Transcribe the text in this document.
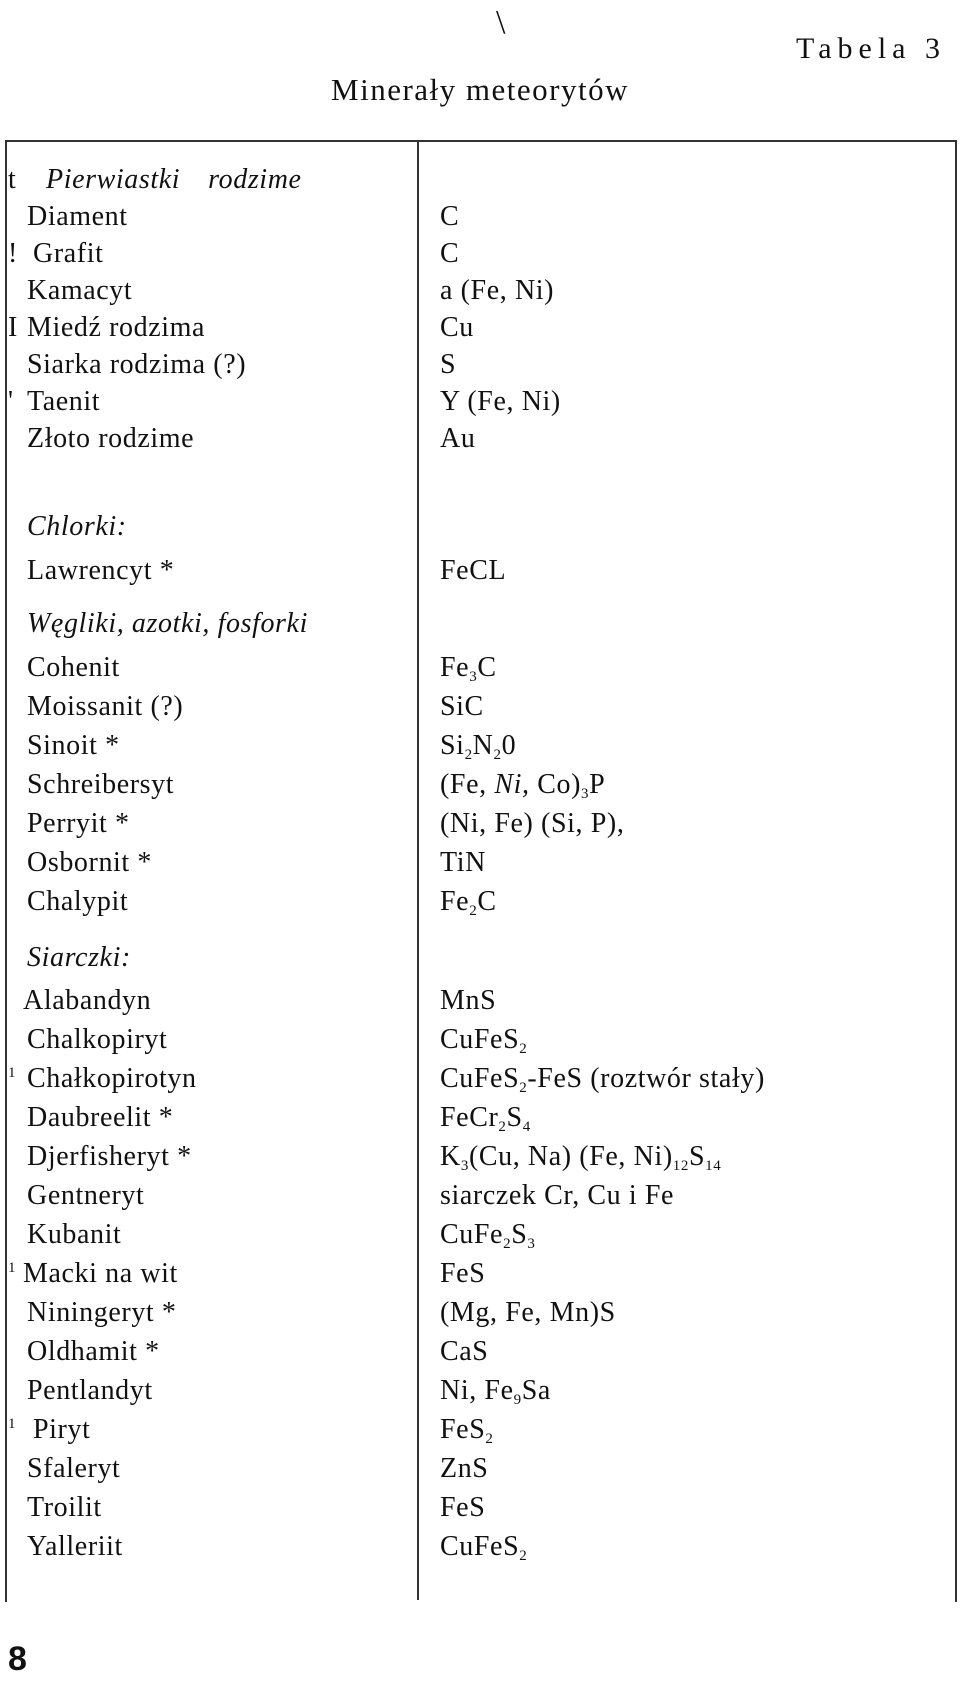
\
Tabela 3
Minerały meteorytów
t Pierwiastki rodzime
Diament	C
! Grafit	C
Kamacyt	a (Fe, Ni)
I Miedź rodzima	Cu
Siarka rodzima (?)	S
' Taenit	Y (Fe, Ni)
Złoto rodzime	Au
Chlorki:
Lawrencyt *	FeCL
Węgliki, azotki, fosforki
Cohenit	$Fe_3C$
Moissanit (?)	SiC
Sinoit *	$Si_2N_20$
Schreibersyt	(Fe, Ni, $Co)_3P$
Perryit *	(Ni, Fe) (Si, P),
Osbornit *	TiN
Chalypit	$Fe_2C$
Siarczki:
Alabandyn	MnS
Chalkopiryt	CuFeS$_2$
1 Chałkopirotyn	CuFeS$_2$-FeS (roztwór stały)
Daubreelit *	$FeCr_2S_4$
Djerfisheryt *	$K_3(Cu$, Na) (Fe, $Ni)_{12}S_{14}$
Gentneryt	siarczek Cr, Cu i Fe
Kubanit	$CuFe_2S_3$
1 Macki na wit	FeS
Niningeryt *	(Mg, Fe, Mn)S
Oldhamit *	CaS
Pentlandyt	Ni, $Fe_9Sa$
1 Piryt	FeS$_2$
Sfaleryt	ZnS
Troilit	FeS
Yalleriit	CuFeS$_2$
8
